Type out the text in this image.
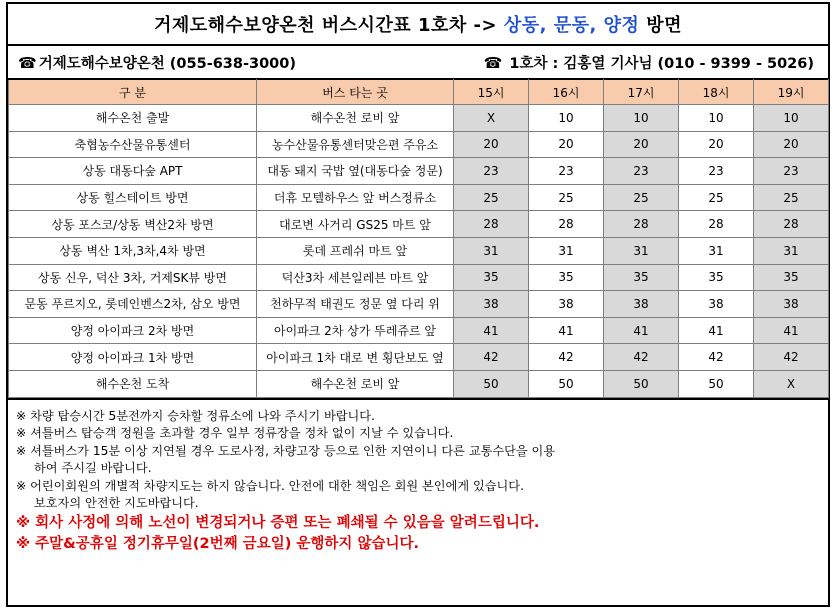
거제도해수보양온천 버스시간표 1호차 ->
상동, 문동, 양정
방면
☎ 거제도해수보양온천 (055-638-3000)	☎ 1호차 : 김홍열 기사님 (010 - 9399 - 5026)
구 분	버스 타는 곳	15시	16시	17시	18시	19시
해수온천 출발	해수온천 로비 앞	X	10	10	10	10
축협농수산물유통센터	농수산물유통센터맞은편 주유소	20	20	20	20	20
상동 대동다숲 APT	대동 돼지 국밥 옆(대동다숲 정문)	23	23	23	23	23
상동 힐스테이트 방면	더휴 모텔하우스 앞 버스정류소	25	25	25	25	25
상동 포스코/상동 벽산2차 방면	대로변 사거리 GS25 마트 앞	28	28	28	28	28
상동 벽산 1차,3차,4차 방면	롯데 프레쉬 마트 앞	31	31	31	31	31
상동 신우, 덕산 3차, 거제SK뷰 방면	덕산3차 세븐일레븐 마트 앞	35	35	35	35	35
문동 푸르지오, 롯데인벤스2차, 삼오 방면	천하무적 태권도 정문 옆 다리 위	38	38	38	38	38
양정 아이파크 2차 방면	아이파크 2차 상가 뚜레쥬르 앞	41	41	41	41	41
양정 아이파크 1차 방면	아이파크 1차 대로 변 횡단보도 옆	42	42	42	42	42
해수온천 도착	해수온천 로비 앞	50	50	50	50	X
※ 차량 탑승시간 5분전까지 승차할 정류소에 나와 주시기 바랍니다.
※ 셔틀버스 탑승객 정원을 초과할 경우 일부 정류장을 정차 없이 지날 수 있습니다.
※ 셔틀버스가 15분 이상 지연될 경우 도로사정, 차량고장 등으로 인한 지연이니 다른 교통수단을 이용
하여 주시길 바랍니다.
※ 어린이회원의 개별적 차량지도는 하지 않습니다. 안전에 대한 책임은 회원 본인에게 있습니다.
보호자의 안전한 지도바랍니다.
※ 회사 사정에 의해 노선이 변경되거나 증편 또는 폐쇄될 수 있음을 알려드립니다.
※ 주말&공휴일 정기휴무일(2번째 금요일) 운행하지 않습니다.
